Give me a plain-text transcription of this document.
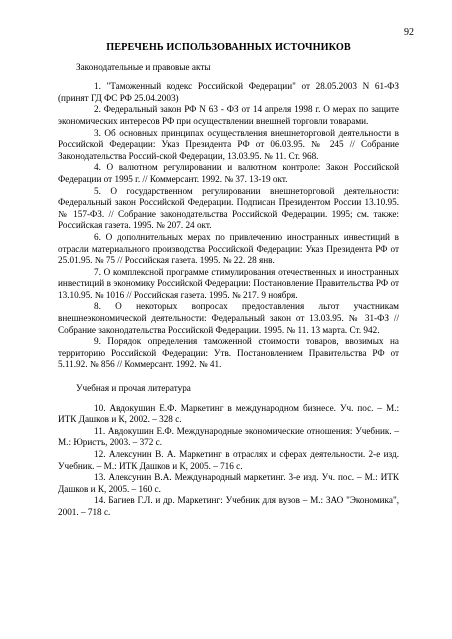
92
ПЕРЕЧЕНЬ ИСПОЛЬЗОВАННЫХ ИСТОЧНИКОВ
Законодательные и правовые акты

1. "Таможенный кодекс Российской Федерации" от 28.05.2003 N 61-ФЗ (принят ГД ФС РФ 25.04.2003)

2. Федеральный закон РФ N 63 - ФЗ от 14 апреля 1998 г. О мерах по защите экономических интересов РФ при осуществлении внешней торговли товарами.

3. Об основных принципах осуществления внешнеторговой деятельности в Российской Федерации: Указ Президента РФ от 06.03.95. № 245 // Собрание Законодательства Россий-ской Федерации, 13.03.95. № 11. Ст. 968.

4. О валютном регулировании и валютном контроле: Закон Российской Федерации от 1995 г. // Коммерсант. 1992. № 37. 13-19 окт.

5. О государственном регулировании внешнеторговой деятельности: Федеральный закон Российской Федерации. Подписан Президентом России 13.10.95. № 157-ФЗ. // Собрание законодательства Российской Федерации. 1995; см. также: Российская газета. 1995. № 207. 24 окт.

6. О дополнительных мерах по привлечению иностранных инвестиций в отрасли материального производства Российской Федерации: Указ Президента РФ от 25.01.95. № 75 // Российская газета. 1995. № 22. 28 янв.

7. О комплексной программе стимулирования отечественных и иностранных инвестиций в экономику Российской Федерации: Постановление Правительства РФ от 13.10.95. № 1016 // Российская газета. 1995. № 217. 9 ноября.

8. О некоторых вопросах предоставления льгот участникам внешнеэкономической деятельности: Федеральный закон от 13.03.95. № 31-ФЗ // Собрание законодательства Российской Федерации. 1995. № 11. 13 марта. Ст. 942.

9. Порядок определения таможенной стоимости товаров, ввозимых на территорию Российской Федерации: Утв. Постановлением Правительства РФ от 5.11.92. № 856 // Коммерсант. 1992. № 41.

Учебная и прочая литература

10. Авдокушин Е.Ф. Маркетинг в международном бизнесе. Уч. пос. – М.: ИТК Дашков и К, 2002. – 328 с.

11. Авдокушин Е.Ф. Международные экономические отношения: Учебник. – М.: Юристъ, 2003. – 372 с.

12. Алексунин В. А. Маркетинг в отраслях и сферах деятельности. 2-е изд. Учебник. – М.: ИТК Дашков и К, 2005. – 716 с.

13. Алексунин В.А. Международный маркетинг. 3-е изд. Уч. пос. – М.: ИТК Дашков и К, 2005. – 160 с.

14. Багиев Г.Л. и др. Маркетинг: Учебник для вузов – М.: ЗАО "Экономика", 2001. – 718 с.
